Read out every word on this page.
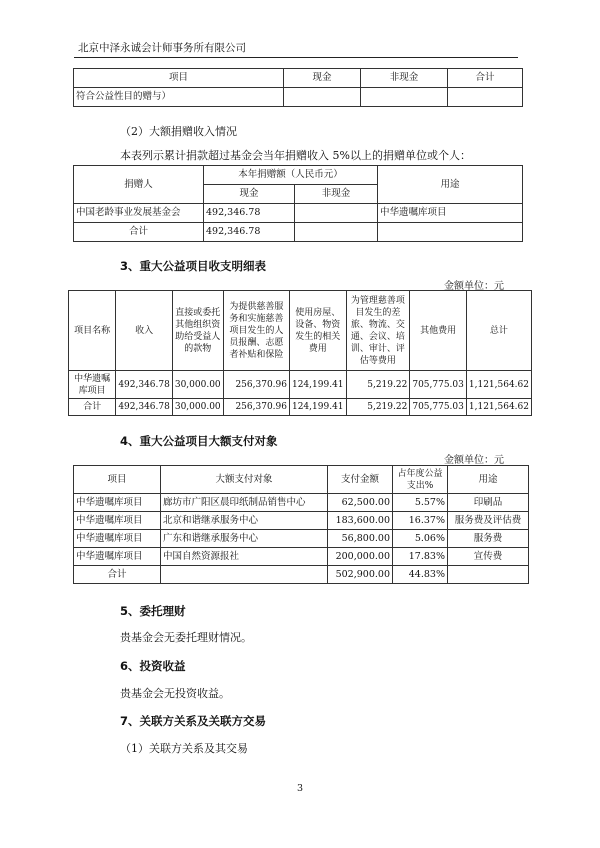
北京中泽永诚会计师事务所有限公司
项目	现金	非现金	合计
符合公益性目的赠与）			
（2）大额捐赠收入情况
本表列示累计捐款超过基金会当年捐赠收入 5%以上的捐赠单位或个人：
捐赠人	本年捐赠额（人民币元）		用途
	现金	非现金	
中国老龄事业发展基金会	492,346.78		中华遗嘱库项目
合计	492,346.78		
3、重大公益项目收支明细表
金额单位：元
项目名称	收入	直接或委托其他组织资助给受益人的款物	为提供慈善服务和实施慈善项目发生的人员报酬、志愿者补贴和保险	使用房屋、设备、物资发生的相关费用	为管理慈善项目发生的差旅、物流、交通、会议、培训、审计、评估等费用	其他费用	总计
中华遗嘱库项目	492,346.78	30,000.00	256,370.96	124,199.41	5,219.22	705,775.03	1,121,564.62
合计	492,346.78	30,000.00	256,370.96	124,199.41	5,219.22	705,775.03	1,121,564.62
4、重大公益项目大额支付对象
金额单位：元
项目	大额支付对象	支付金额	占年度公益支出%	用途
中华遗嘱库项目	廊坊市广阳区晨印纸制品销售中心	62,500.00	5.57%	印刷品
中华遗嘱库项目	北京和谐继承服务中心	183,600.00	16.37%	服务费及评估费
中华遗嘱库项目	广东和谐继承服务中心	56,800.00	5.06%	服务费
中华遗嘱库项目	中国自然资源报社	200,000.00	17.83%	宣传费
合计		502,900.00	44.83%	
5、委托理财
贵基金会无委托理财情况。
6、投资收益
贵基金会无投资收益。
7、关联方关系及关联方交易
（1）关联方关系及其交易
3
